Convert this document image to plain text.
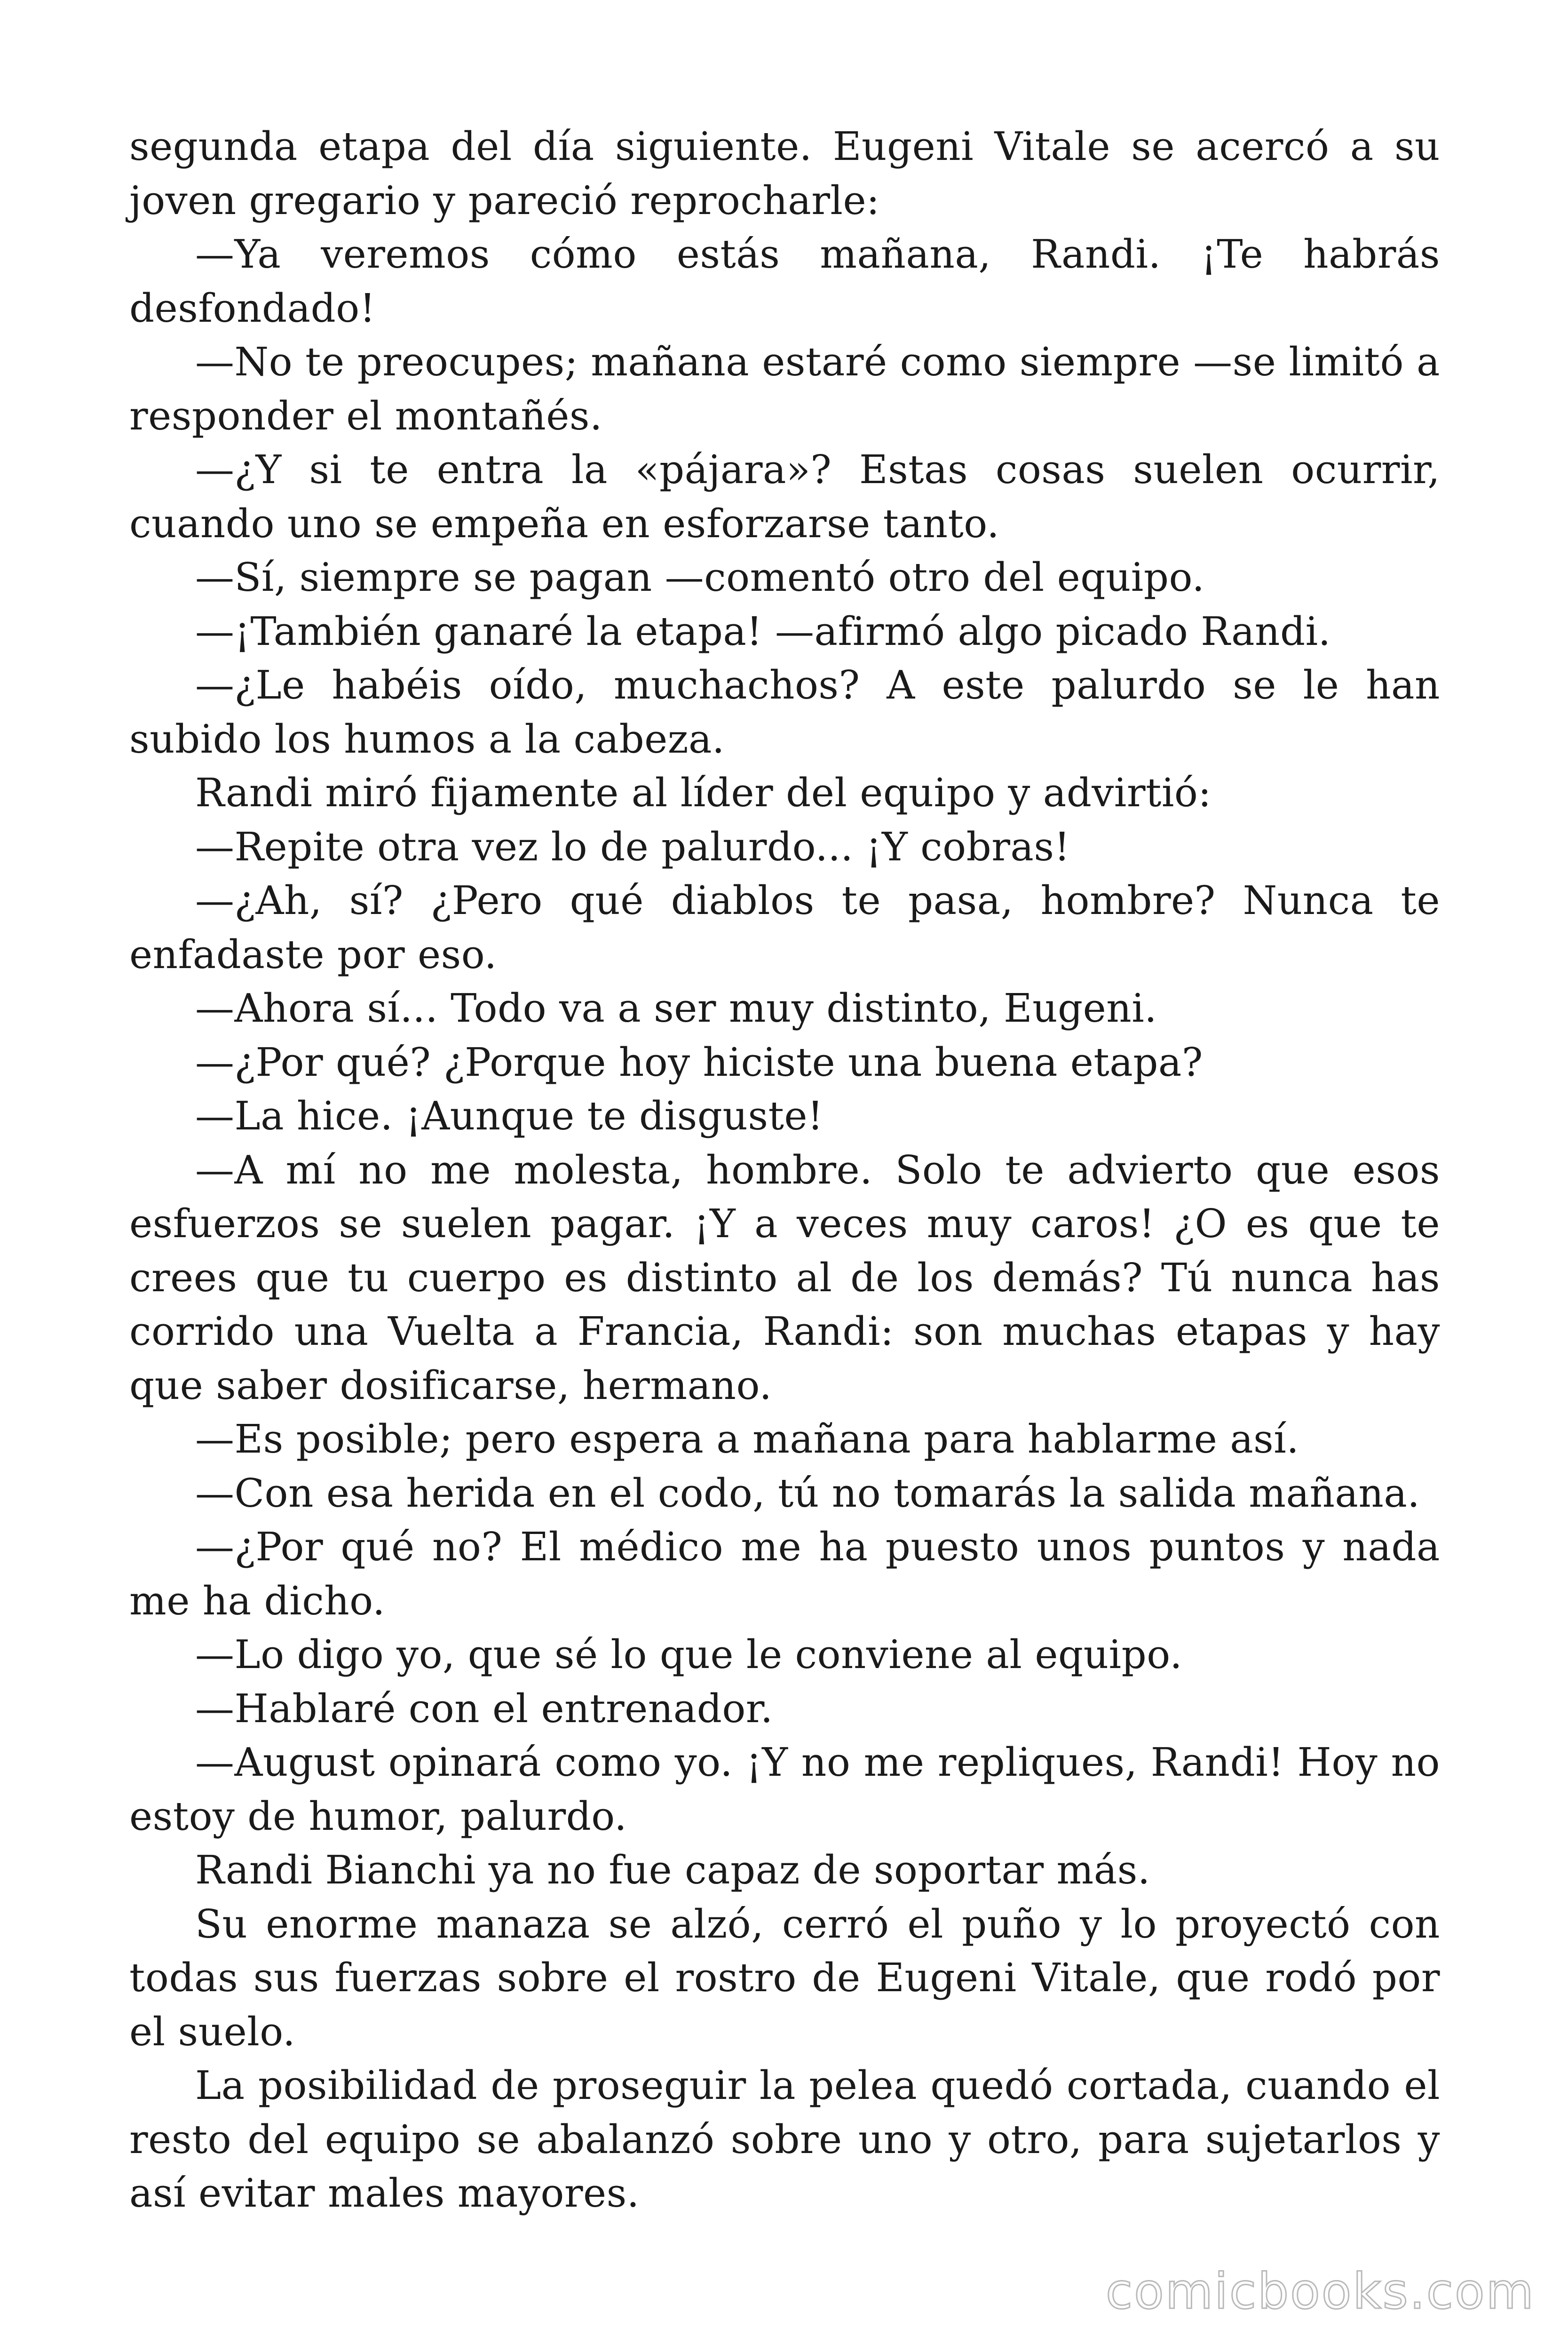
segunda etapa del día siguiente. Eugeni Vitale se acercó a su joven gregario y pareció reprocharle:

—Ya veremos cómo estás mañana, Randi. ¡Te habrás desfondado!

—No te preocupes; mañana estaré como siempre —se limitó a responder el montañés.

—¿Y si te entra la «pájara»? Estas cosas suelen ocurrir, cuando uno se empeña en esforzarse tanto.

—Sí, siempre se pagan —comentó otro del equipo.

—¡También ganaré la etapa! —afirmó algo picado Randi.

—¿Le habéis oído, muchachos? A este palurdo se le han subido los humos a la cabeza.

Randi miró fijamente al líder del equipo y advirtió:

—Repite otra vez lo de palurdo... ¡Y cobras!

—¿Ah, sí? ¿Pero qué diablos te pasa, hombre? Nunca te enfadaste por eso.

—Ahora sí... Todo va a ser muy distinto, Eugeni.

—¿Por qué? ¿Porque hoy hiciste una buena etapa?

—La hice. ¡Aunque te disguste!

—A mí no me molesta, hombre. Solo te advierto que esos esfuerzos se suelen pagar. ¡Y a veces muy caros! ¿O es que te crees que tu cuerpo es distinto al de los demás? Tú nunca has corrido una Vuelta a Francia, Randi: son muchas etapas y hay que saber dosificarse, hermano.

—Es posible; pero espera a mañana para hablarme así.

—Con esa herida en el codo, tú no tomarás la salida mañana.

—¿Por qué no? El médico me ha puesto unos puntos y nada me ha dicho.

—Lo digo yo, que sé lo que le conviene al equipo.

—Hablaré con el entrenador.

—August opinará como yo. ¡Y no me repliques, Randi! Hoy no estoy de humor, palurdo.

Randi Bianchi ya no fue capaz de soportar más.

Su enorme manaza se alzó, cerró el puño y lo proyectó con todas sus fuerzas sobre el rostro de Eugeni Vitale, que rodó por el suelo.

La posibilidad de proseguir la pelea quedó cortada, cuando el resto del equipo se abalanzó sobre uno y otro, para sujetarlos y así evitar males mayores.

comicbooks.com
